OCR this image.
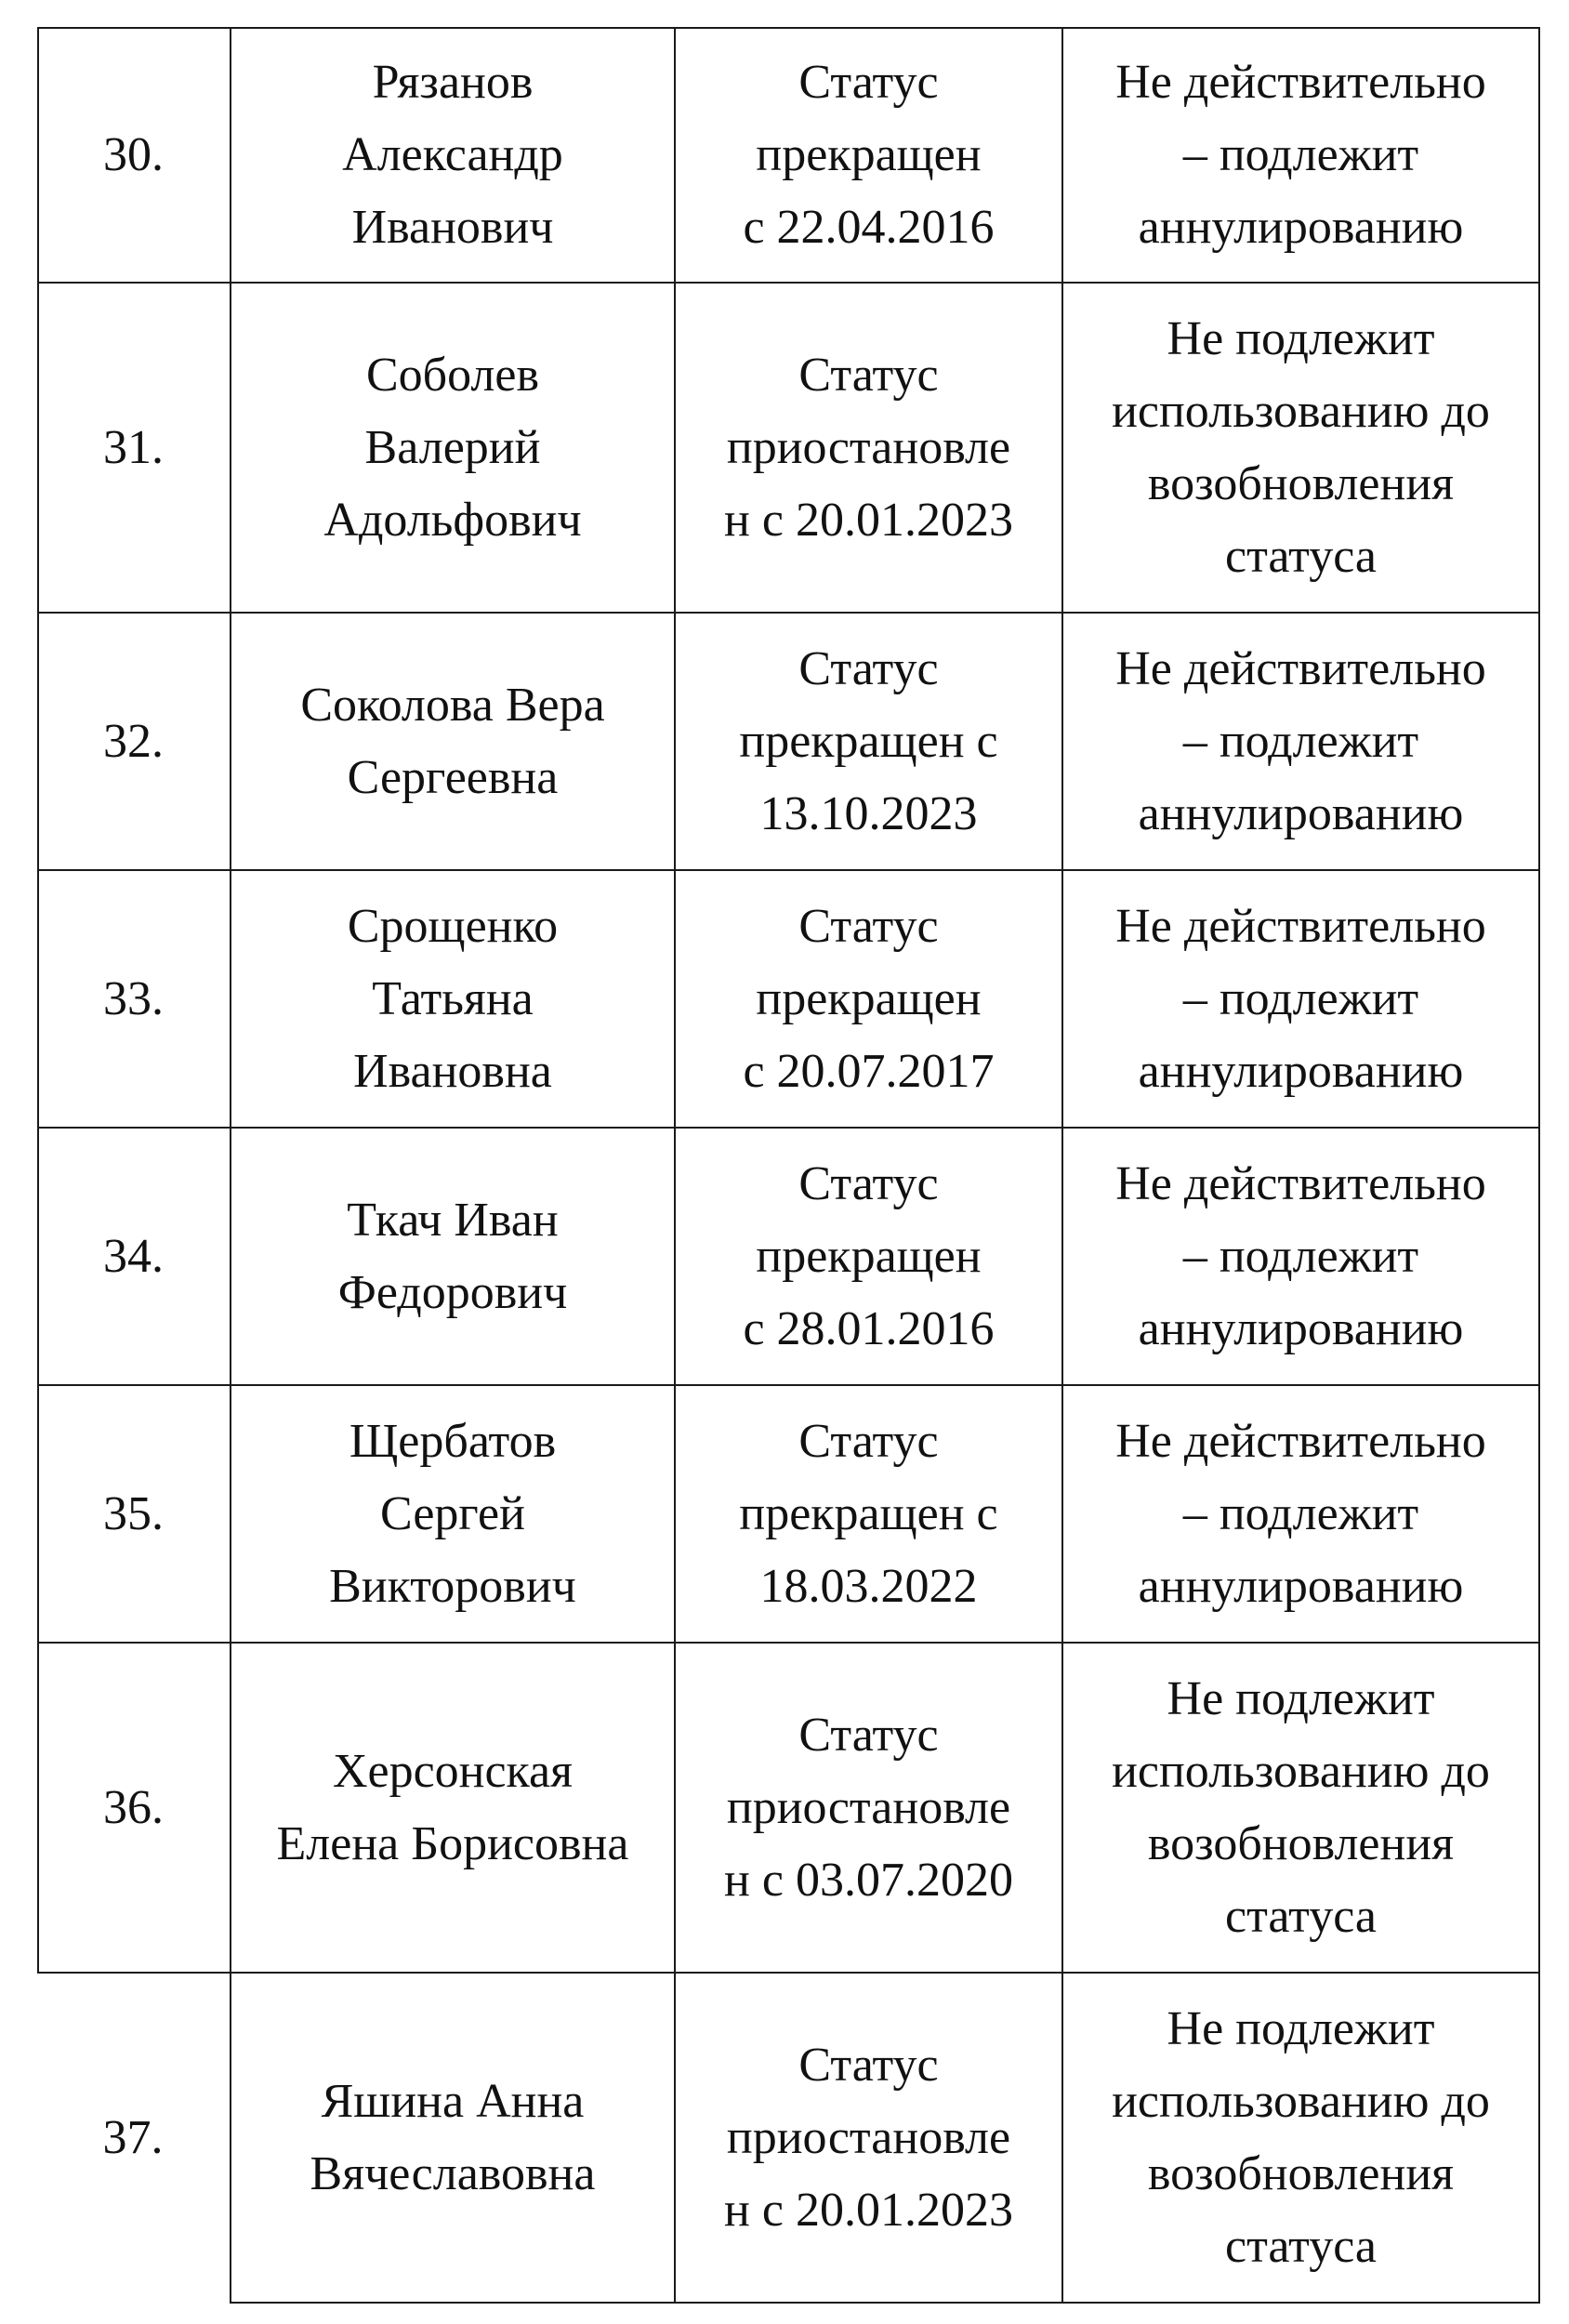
30.	Рязанов
Александр
Иванович	Статус
прекращен
с 22.04.2016	Не действительно
– подлежит
аннулированию
31.	Соболев
Валерий
Адольфович	Статус
приостановле
н с 20.01.2023	Не подлежит
использованию до
возобновления
статуса
32.	Соколова Вера
Сергеевна	Статус
прекращен с
13.10.2023	Не действительно
– подлежит
аннулированию
33.	Срощенко
Татьяна
Ивановна	Статус
прекращен
с 20.07.2017	Не действительно
– подлежит
аннулированию
34.	Ткач Иван
Федорович	Статус
прекращен
с 28.01.2016	Не действительно
– подлежит
аннулированию
35.	Щербатов
Сергей
Викторович	Статус
прекращен с
18.03.2022	Не действительно
– подлежит
аннулированию
36.	Херсонская
Елена Борисовна	Статус
приостановле
н с 03.07.2020	Не подлежит
использованию до
возобновления
статуса
37.	Яшина Анна
Вячеславовна	Статус
приостановле
н с 20.01.2023	Не подлежит
использованию до
возобновления
статуса
